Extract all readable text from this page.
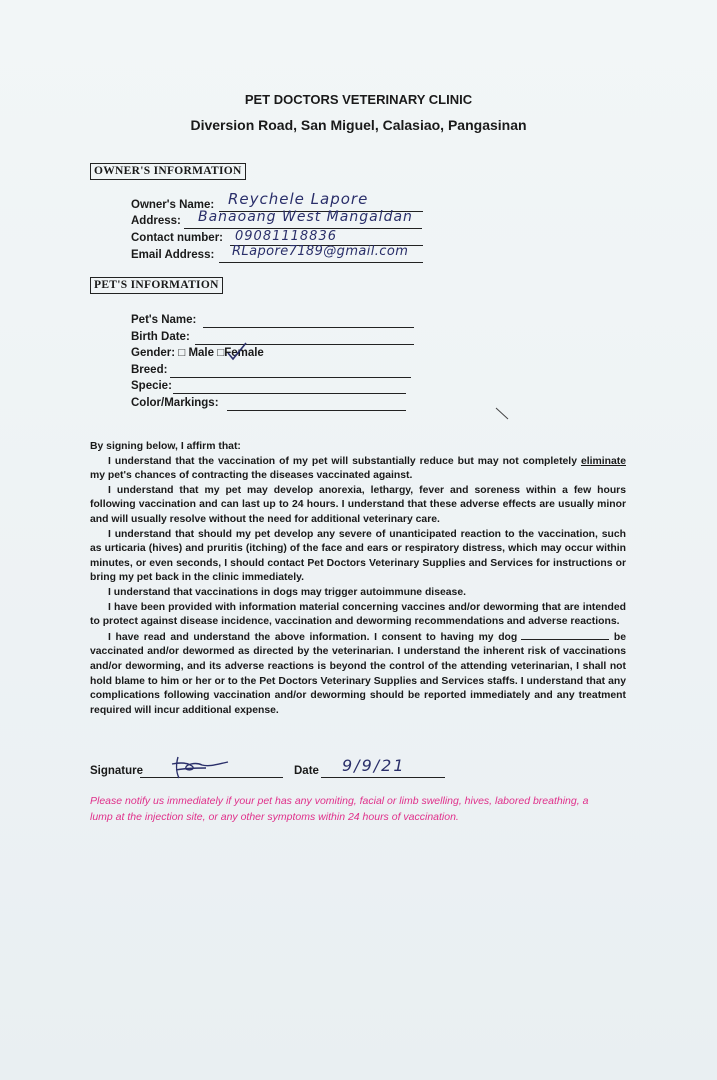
PET DOCTORS VETERINARY CLINIC
Diversion Road, San Miguel, Calasiao, Pangasinan
OWNER'S INFORMATION
Owner's Name: Reychele Lapore
Address: Banaoang West Mangaldan
Contact number: 09081118836
Email Address: RLapore7189@gmail.com
PET'S INFORMATION
Pet's Name:
Birth Date:
Gender: □ Male □Female
Breed:
Specie:
Color/Markings:

By signing below, I affirm that:

I understand that the vaccination of my pet will substantially reduce but may not completely eliminate my pet's chances of contracting the diseases vaccinated against.

I understand that my pet may develop anorexia, lethargy, fever and soreness within a few hours following vaccination and can last up to 24 hours. I understand that these adverse effects are usually minor and will usually resolve without the need for additional veterinary care.

I understand that should my pet develop any severe of unanticipated reaction to the vaccination, such as urticaria (hives) and pruritis (itching) of the face and ears or respiratory distress, which may occur within minutes, or even seconds, I should contact Pet Doctors Veterinary Supplies and Services for instructions or bring my pet back in the clinic immediately.

I understand that vaccinations in dogs may trigger autoimmune disease.

I have been provided with information material concerning vaccines and/or deworming that are intended to protect against disease incidence, vaccination and deworming recommendations and adverse reactions.

I have read and understand the above information. I consent to having my dog	be vaccinated and/or dewormed as directed by the veterinarian. I understand the inherent risk of vaccinations and/or deworming, and its adverse reactions is beyond the control of the attending veterinarian, I shall not hold blame to him or her or to the Pet Doctors Veterinary Supplies and Services staffs. I understand that any complications following vaccination and/or deworming should be reported immediately and any treatment required will incur additional expense.

Signature	Date 9/9/21
Please notify us immediately if your pet has any vomiting, facial or limb swelling, hives, labored breathing, a lump at the injection site, or any other symptoms within 24 hours of vaccination.
